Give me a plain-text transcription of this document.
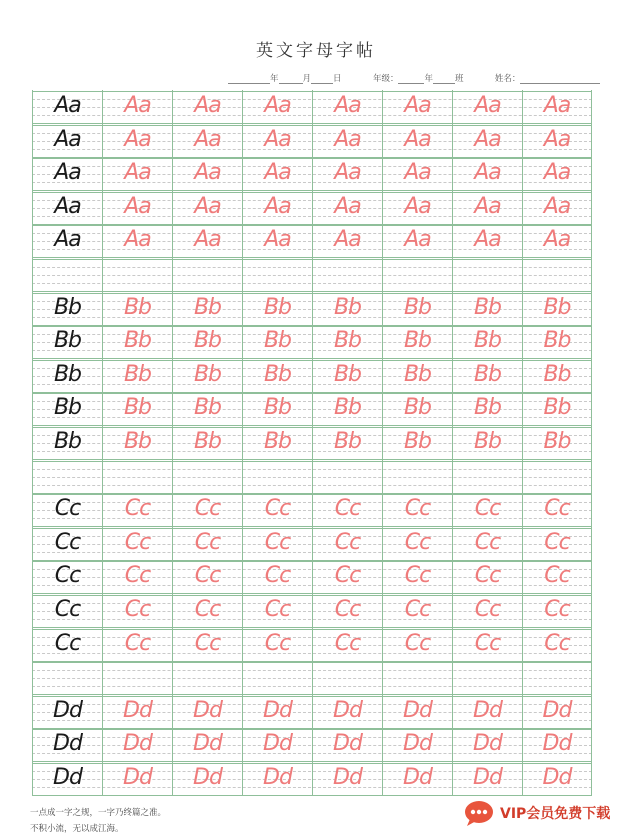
英文字母字帖
年	月	日	年级：	年	班	姓名：
Aa	Aa	Aa	Aa	Aa	Aa	Aa	Aa
Aa	Aa	Aa	Aa	Aa	Aa	Aa	Aa
Aa	Aa	Aa	Aa	Aa	Aa	Aa	Aa
Aa	Aa	Aa	Aa	Aa	Aa	Aa	Aa
Aa	Aa	Aa	Aa	Aa	Aa	Aa	Aa
Bb	Bb	Bb	Bb	Bb	Bb	Bb	Bb
Bb	Bb	Bb	Bb	Bb	Bb	Bb	Bb
Bb	Bb	Bb	Bb	Bb	Bb	Bb	Bb
Bb	Bb	Bb	Bb	Bb	Bb	Bb	Bb
Bb	Bb	Bb	Bb	Bb	Bb	Bb	Bb
Cc	Cc	Cc	Cc	Cc	Cc	Cc	Cc
Cc	Cc	Cc	Cc	Cc	Cc	Cc	Cc
Cc	Cc	Cc	Cc	Cc	Cc	Cc	Cc
Cc	Cc	Cc	Cc	Cc	Cc	Cc	Cc
Cc	Cc	Cc	Cc	Cc	Cc	Cc	Cc
Dd	Dd	Dd	Dd	Dd	Dd	Dd	Dd
Dd	Dd	Dd	Dd	Dd	Dd	Dd	Dd
Dd	Dd	Dd	Dd	Dd	Dd	Dd	Dd
一点成一字之规，一字乃终篇之准。
不积小流，无以成江海。
VIP会员免费下载
